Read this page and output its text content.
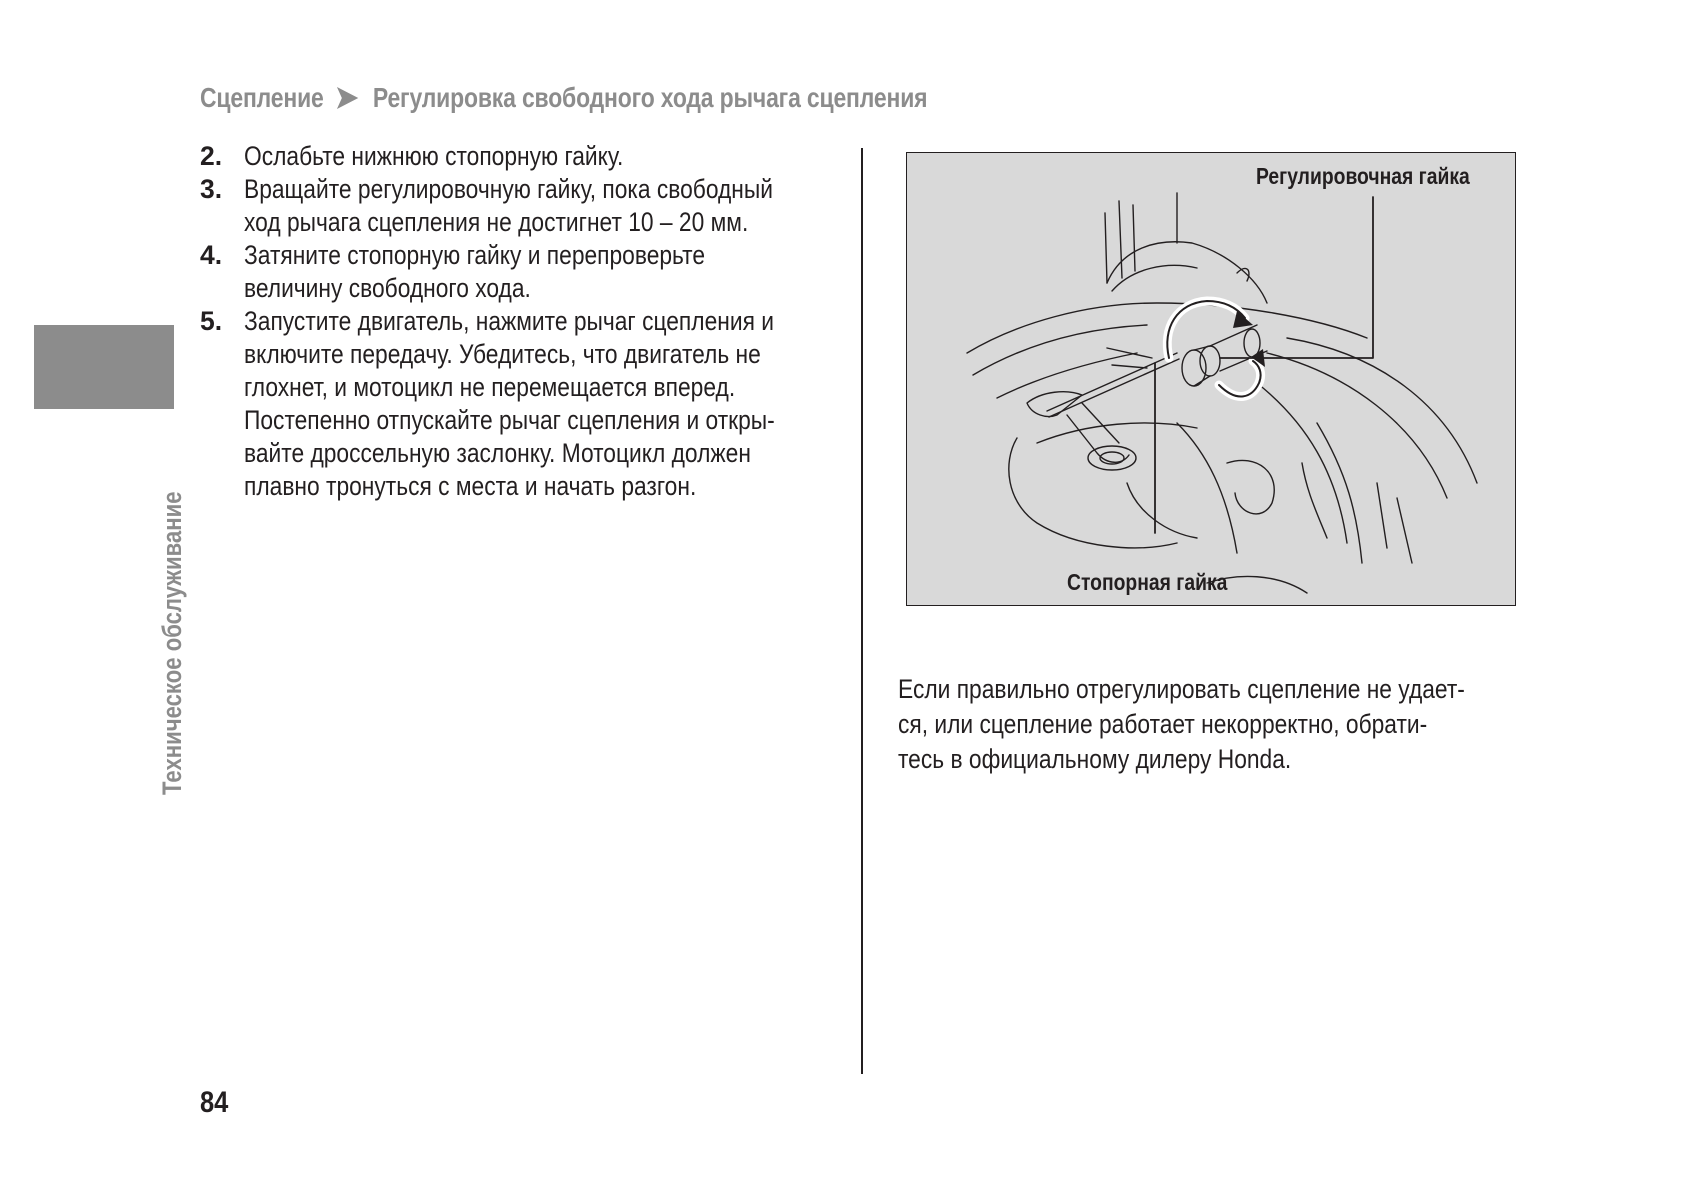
Сцепление Регулировка свободного хода рычага сцепления
Техническое обслуживание
2. Ослабьте нижнюю стопорную гайку.
3. Вращайте регулировочную гайку, пока свободный
ход рычага сцепления не достигнет 10 – 20 мм.
4. Затяните стопорную гайку и перепроверьте
величину свободного хода.
5. Запустите двигатель, нажмите рычаг сцепления и
включите передачу. Убедитесь, что двигатель не
глохнет, и мотоцикл не перемещается вперед.
Постепенно отпускайте рычаг сцепления и откры-
вайте дроссельную заслонку. Мотоцикл должен
плавно тронуться с места и начать разгон.
Регулировочная гайка
Стопорная гайка
Если правильно отрегулировать сцепление не удает-
ся, или сцепление работает некорректно, обрати-
тесь в официальному дилеру Honda.
84
